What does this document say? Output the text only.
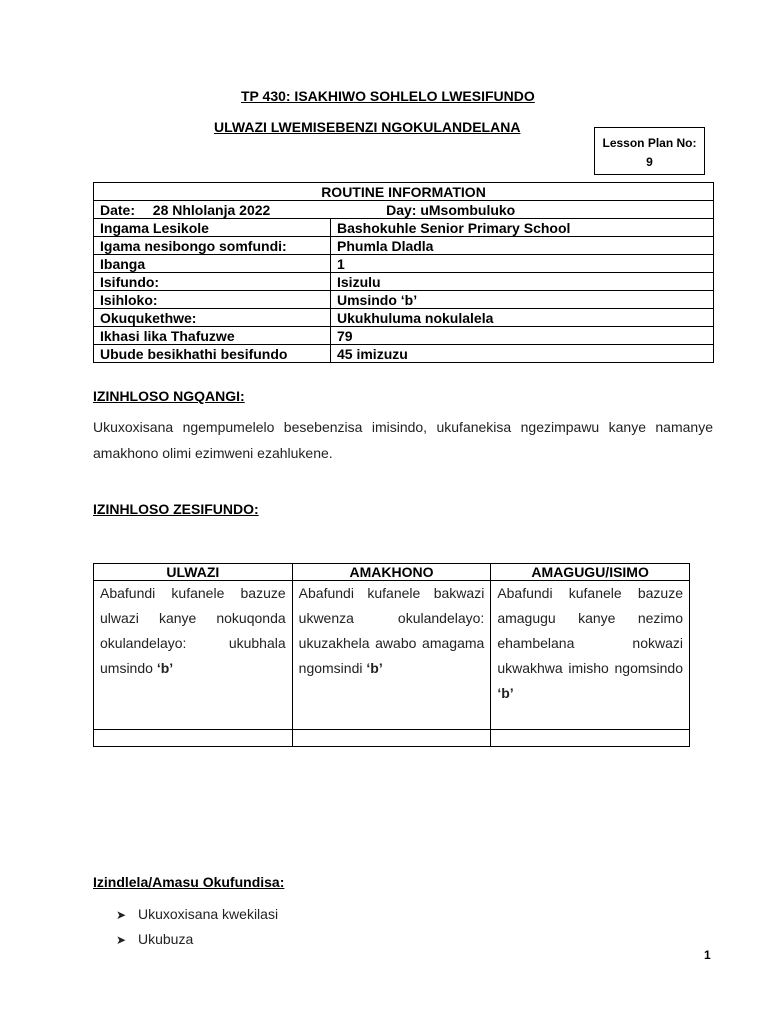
TP 430: ISAKHIWO SOHLELO LWESIFUNDO
ULWAZI LWEMISEBENZI NGOKULANDELANA
Lesson Plan No:
9
ROUTINE INFORMATION	
Date: 28 Nhlolanja 2022 Day: uMsombuluko	
Ingama Lesikole	Bashokuhle Senior Primary School
Igama nesibongo somfundi:	Phumla Dladla
Ibanga	1
Isifundo:	Isizulu
Isihloko:	Umsindo ‘b’
Okuqukethwe:	Ukukhuluma nokulalela
Ikhasi lika Thafuzwe	79
Ubude besikhathi besifundo	45 imizuzu
IZINHLOSO NGQANGI:
Ukuxoxisana ngempumelelo besebenzisa imisindo, ukufanekisa ngezimpawu kanye namanye amakhono olimi ezimweni ezahlukene.
IZINHLOSO ZESIFUNDO:
ULWAZI	AMAKHONO	AMAGUGU/ISIMO
Abafundi kufanele bazuze ulwazi kanye nokuqonda okulandelayo: ukubhala umsindo ‘b’	Abafundi kufanele bakwazi ukwenza okulandelayo: ukuzakhela awabo amagama ngomsindi ‘b’	Abafundi kufanele bazuze amagugu kanye nezimo ehambelana nokwazi ukwakhwa imisho ngomsindo ‘b’

Izindlela/Amasu Okufundisa:
➤ Ukuxoxisana kwekilasi
➤ Ukubuza
1
